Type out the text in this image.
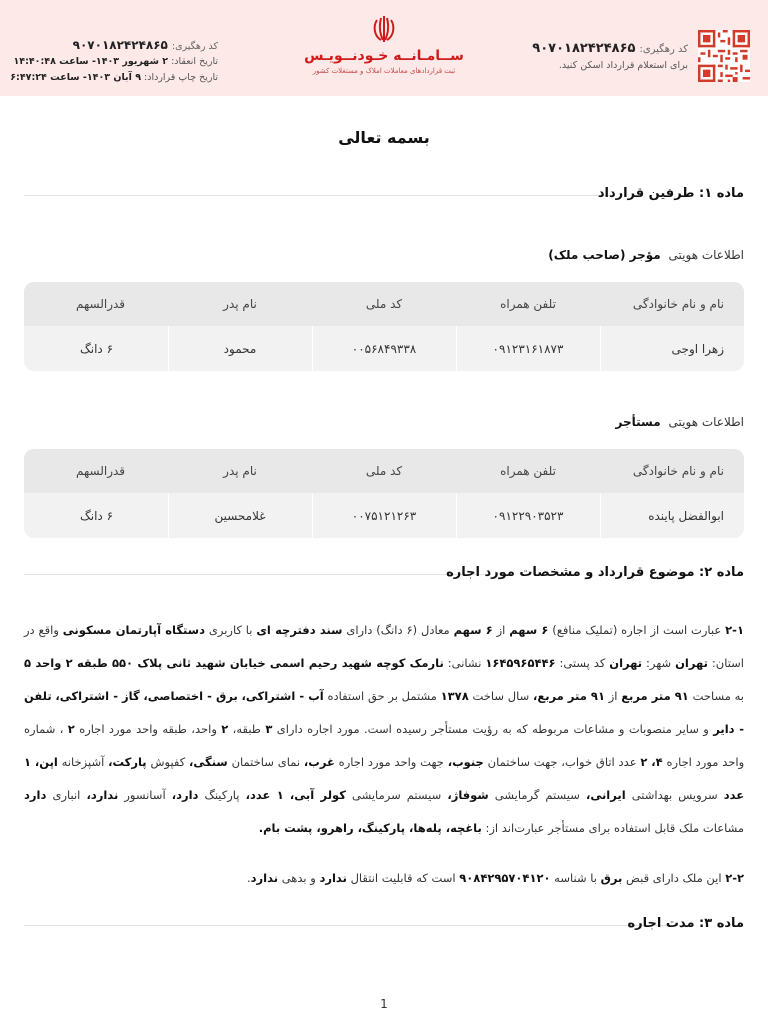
کد رهگیری:۹۰۷۰۱۸۲۴۲۴۸۶۵
برای استعلام قرارداد اسکن کنید.
ســامـانــه خـودنــویـس
ثبت قراردادهای معاملات املاک و مستغلات کشور
کد رهگیری:۹۰۷۰۱۸۲۴۲۴۸۶۵
تاریخ انعقاد: ۲ شهریور ۱۴۰۳- ساعت ۱۴:۴۰:۴۸
تاریخ چاپ قرارداد: ۹ آبان ۱۴۰۳- ساعت ۶:۴۷:۲۴
بسمه تعالی
ماده ۱: طرفین قرارداد
اطلاعات هویتی مؤجر (صاحب ملک)
نام و نام خانوادگی	تلفن همراه	کد ملی	نام پدر	قدرالسهم
زهرا اوجی	۰۹۱۲۳۱۶۱۸۷۳	۰۰۵۶۸۴۹۳۳۸	محمود	۶ دانگ
اطلاعات هویتی مستأجر
نام و نام خانوادگی	تلفن همراه	کد ملی	نام پدر	قدرالسهم
ابوالفضل پاینده	۰۹۱۲۲۹۰۳۵۲۳	۰۰۷۵۱۲۱۲۶۳	غلامحسین	۶ دانگ
ماده ۲: موضوع قرارداد و مشخصات مورد اجاره
۲-۱ عبارت است از اجاره (تملیک منافع) ۶ سهم از ۶ سهم معادل (۶ دانگ) دارای سند دفترچه ای با کاربری دستگاه آپارتمان مسکونی واقع در استان: تهران شهر: تهران کد پستی: ۱۶۴۵۹۶۵۴۴۶ نشانی: نارمک کوچه شهید رحیم اسمی خیابان شهید ثانی پلاک ۵۵۰ طبقه ۲ واحد ۵ به مساحت ۹۱ متر مربع از ۹۱ متر مربع، سال ساخت ۱۳۷۸ مشتمل بر حق استفاده آب - اشتراکی، برق - اختصاصی، گاز - اشتراکی، تلفن - دایر و سایر منصوبات و مشاعات مربوطه که به رؤیت مستأجر رسیده است. مورد اجاره دارای ۳ طبقه، ۲ واحد، طبقه واحد مورد اجاره ۲ ، شماره واحد مورد اجاره ۴، ۲ عدد اتاق خواب، جهت ساختمان جنوب، جهت واحد مورد اجاره غرب، نمای ساختمان سنگی، کفپوش پارکت، آشپزخانه اپن، ۱ عدد سرویس بهداشتی ایرانی، سیستم گرمایشی شوفاژ، سیستم سرمایشی کولر آبی، ۱ عدد، پارکینگ دارد، آسانسور ندارد، انباری دارد مشاعات ملک قابل استفاده برای مستأجر عبارت‌اند از: باغچه، پله‌ها، پارکینگ، راهرو، پشت بام.
۲-۲ این ملک دارای قبض برق با شناسه ۹۰۸۴۲۹۵۷۰۴۱۲۰ است که قابلیت انتقال ندارد و بدهی ندارد.
ماده ۳: مدت اجاره
1
